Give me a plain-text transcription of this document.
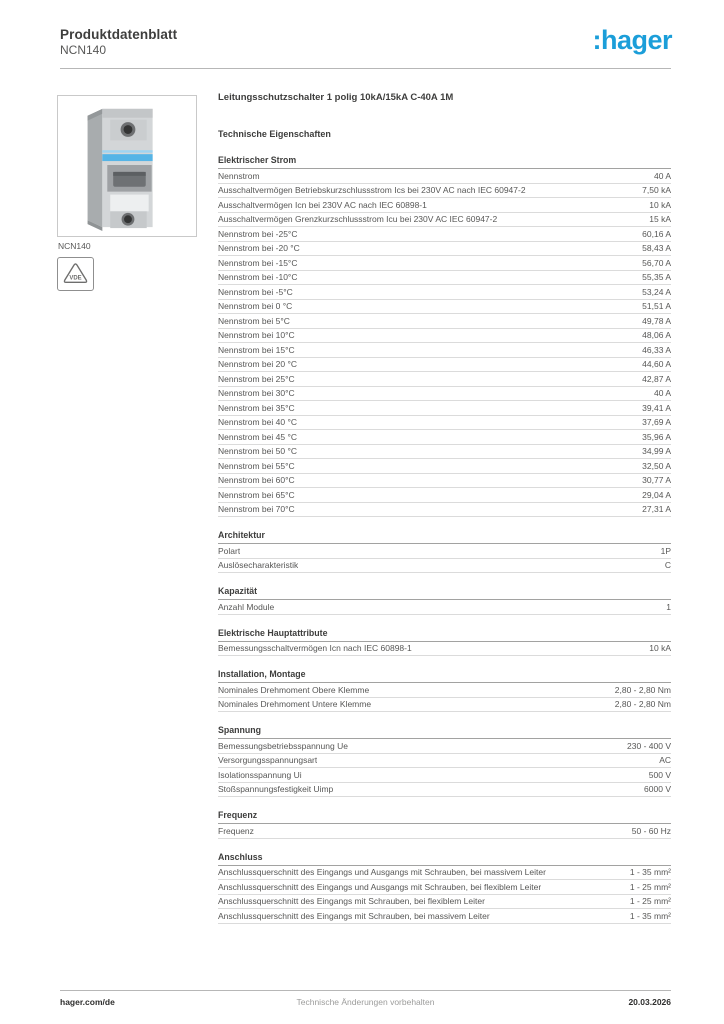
Produktdatenblatt
NCN140	:hager
NCN140
VDE
Leitungsschutzschalter 1 polig 10kA/15kA C-40A 1M
Technische Eigenschaften
Elektrischer Strom
Nennstrom	40 A
Ausschaltvermögen Betriebskurzschlussstrom Ics bei 230V AC nach IEC 60947-2	7,50 kA
Ausschaltvermögen Icn bei 230V AC nach IEC 60898-1	10 kA
Ausschaltvermögen Grenzkurzschlussstrom Icu bei 230V AC IEC 60947-2	15 kA
Nennstrom bei -25°C	60,16 A
Nennstrom bei -20 °C	58,43 A
Nennstrom bei -15°C	56,70 A
Nennstrom bei -10°C	55,35 A
Nennstrom bei -5°C	53,24 A
Nennstrom bei 0 °C	51,51 A
Nennstrom bei 5°C	49,78 A
Nennstrom bei 10°C	48,06 A
Nennstrom bei 15°C	46,33 A
Nennstrom bei 20 °C	44,60 A
Nennstrom bei 25°C	42,87 A
Nennstrom bei 30°C	40 A
Nennstrom bei 35°C	39,41 A
Nennstrom bei 40 °C	37,69 A
Nennstrom bei 45 °C	35,96 A
Nennstrom bei 50 °C	34,99 A
Nennstrom bei 55°C	32,50 A
Nennstrom bei 60°C	30,77 A
Nennstrom bei 65°C	29,04 A
Nennstrom bei 70°C	27,31 A
Architektur
Polart	1P
Auslösecharakteristik	C
Kapazität
Anzahl Module	1
Elektrische Hauptattribute
Bemessungsschaltvermögen Icn nach IEC 60898-1	10 kA
Installation, Montage
Nominales Drehmoment Obere Klemme	2,80 - 2,80 Nm
Nominales Drehmoment Untere Klemme	2,80 - 2,80 Nm
Spannung
Bemessungsbetriebsspannung Ue	230 - 400 V
Versorgungsspannungsart	AC
Isolationsspannung Ui	500 V
Stoßspannungsfestigkeit Uimp	6000 V
Frequenz
Frequenz	50 - 60 Hz
Anschluss
Anschlussquerschnitt des Eingangs und Ausgangs mit Schrauben, bei massivem Leiter	1 - 35 mm²
Anschlussquerschnitt des Eingangs und Ausgangs mit Schrauben, bei flexiblem Leiter	1 - 25 mm²
Anschlussquerschnitt des Eingangs mit Schrauben, bei flexiblem Leiter	1 - 25 mm²
Anschlussquerschnitt des Eingangs mit Schrauben, bei massivem Leiter	1 - 35 mm²
hager.com/de	Technische Änderungen vorbehalten	20.03.2026
